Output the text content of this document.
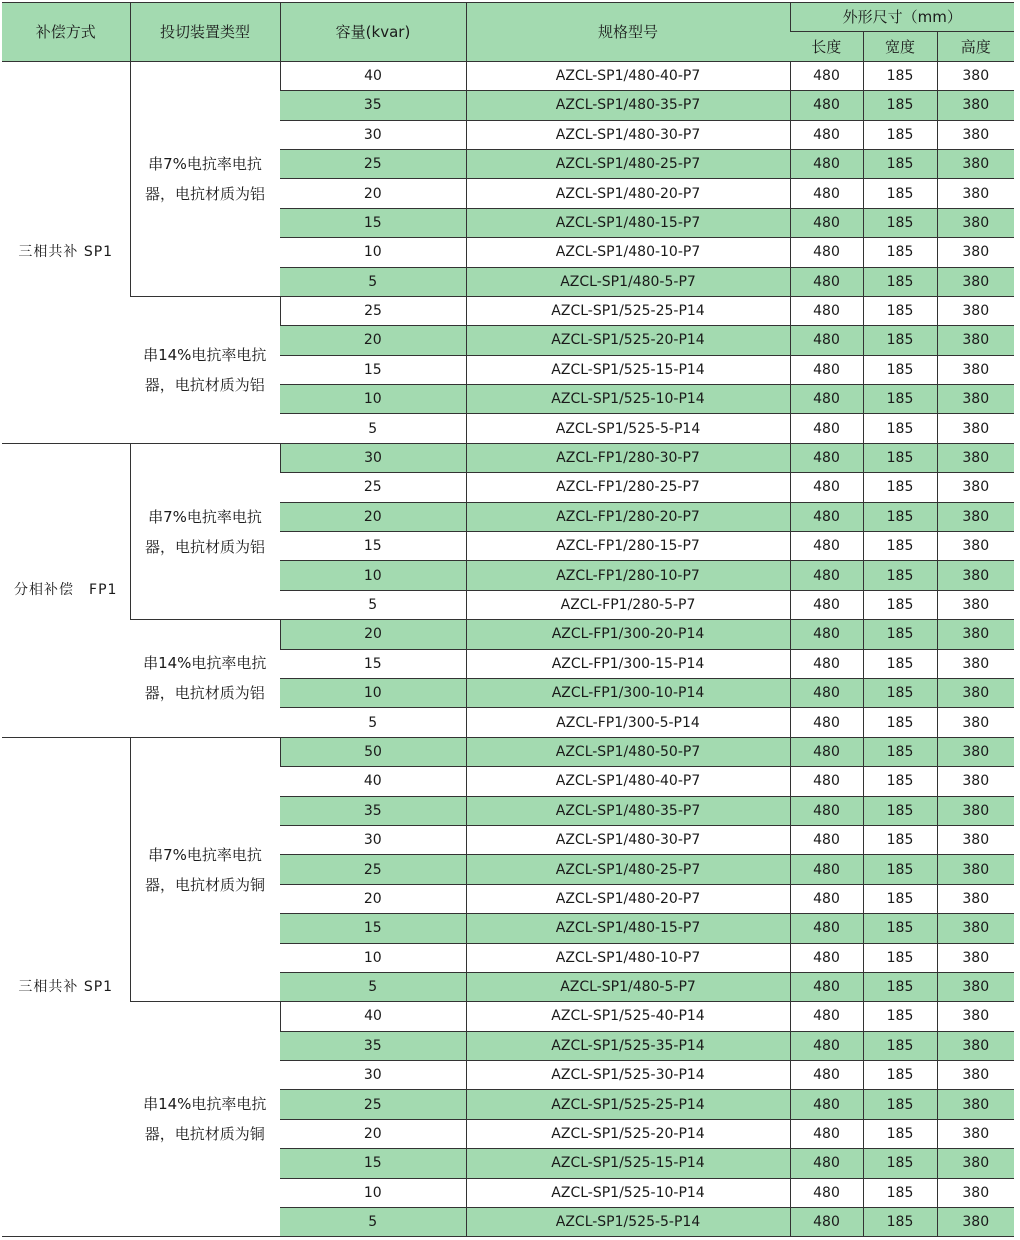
补偿方式	投切装置类型	容量(kvar)	规格型号	外形尺寸（mm）		
				长度	宽度	高度
三相共补 SP1	串7%电抗率电抗器，电抗材质为铝	40	AZCL-SP1/480-40-P7	480	185	380
		35	AZCL-SP1/480-35-P7	480	185	380
		30	AZCL-SP1/480-30-P7	480	185	380
		25	AZCL-SP1/480-25-P7	480	185	380
		20	AZCL-SP1/480-20-P7	480	185	380
		15	AZCL-SP1/480-15-P7	480	185	380
		10	AZCL-SP1/480-10-P7	480	185	380
		5	AZCL-SP1/480-5-P7	480	185	380
	串14%电抗率电抗器，电抗材质为铝	25	AZCL-SP1/525-25-P14	480	185	380
		20	AZCL-SP1/525-20-P14	480	185	380
		15	AZCL-SP1/525-15-P14	480	185	380
		10	AZCL-SP1/525-10-P14	480	185	380
		5	AZCL-SP1/525-5-P14	480	185	380
分相补偿　FP1	串7%电抗率电抗器，电抗材质为铝	30	AZCL-FP1/280-30-P7	480	185	380
		25	AZCL-FP1/280-25-P7	480	185	380
		20	AZCL-FP1/280-20-P7	480	185	380
		15	AZCL-FP1/280-15-P7	480	185	380
		10	AZCL-FP1/280-10-P7	480	185	380
		5	AZCL-FP1/280-5-P7	480	185	380
	串14%电抗率电抗器，电抗材质为铝	20	AZCL-FP1/300-20-P14	480	185	380
		15	AZCL-FP1/300-15-P14	480	185	380
		10	AZCL-FP1/300-10-P14	480	185	380
		5	AZCL-FP1/300-5-P14	480	185	380
三相共补 SP1	串7%电抗率电抗器，电抗材质为铜	50	AZCL-SP1/480-50-P7	480	185	380
		40	AZCL-SP1/480-40-P7	480	185	380
		35	AZCL-SP1/480-35-P7	480	185	380
		30	AZCL-SP1/480-30-P7	480	185	380
		25	AZCL-SP1/480-25-P7	480	185	380
		20	AZCL-SP1/480-20-P7	480	185	380
		15	AZCL-SP1/480-15-P7	480	185	380
		10	AZCL-SP1/480-10-P7	480	185	380
		5	AZCL-SP1/480-5-P7	480	185	380
	串14%电抗率电抗器，电抗材质为铜	40	AZCL-SP1/525-40-P14	480	185	380
		35	AZCL-SP1/525-35-P14	480	185	380
		30	AZCL-SP1/525-30-P14	480	185	380
		25	AZCL-SP1/525-25-P14	480	185	380
		20	AZCL-SP1/525-20-P14	480	185	380
		15	AZCL-SP1/525-15-P14	480	185	380
		10	AZCL-SP1/525-10-P14	480	185	380
		5	AZCL-SP1/525-5-P14	480	185	380
